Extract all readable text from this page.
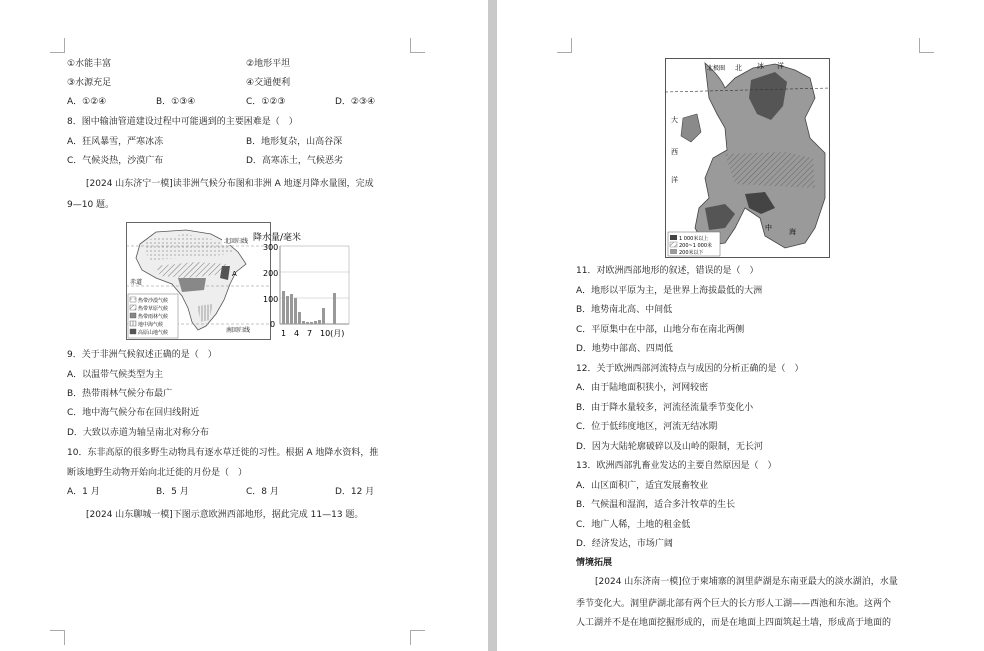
①水能丰富	②地形平坦
③水源充足	④交通便利
A．①②④	B．①③④	C．①②③	D．②③④
8．图中输油管道建设过程中可能遇到的主要困难是（　）
A．狂风暴雪，严寒冰冻	B．地形复杂，山高谷深
C．气候炎热，沙漠广布	D．高寒冻土，气候恶劣
[2024 山东济宁一模]读非洲气候分布图和非洲 A 地逐月降水量图，完成
9—10 题。
北回归线
赤道
南回归线
A
热带沙漠气候
热带草原气候
热带雨林气候
地中海气候
高原山地气候
降水量/毫米
300
200
100
0
1 4 7 10(月)
9．关于非洲气候叙述正确的是（　）
A．以温带气候类型为主
B．热带雨林气候分布最广
C．地中海气候分布在回归线附近
D．大致以赤道为轴呈南北对称分布
10．东非高原的很多野生动物具有逐水草迁徙的习性。根据 A 地降水资料，推
断该地野生动物开始向北迁徙的月份是（　）
A．1 月	B．5 月	C．8 月	D．12 月
[2024 山东聊城一模]下图示意欧洲西部地形，据此完成 11—13 题。
北极圈 北 冰 洋
大
西
洋
中 海
1 000米以上
200~1 000米
200米以下
11．对欧洲西部地形的叙述，错误的是（　）
A．地形以平原为主，是世界上海拔最低的大洲
B．地势南北高、中间低
C．平原集中在中部，山地分布在南北两侧
D．地势中部高、四周低
12．关于欧洲西部河流特点与成因的分析正确的是（　）
A．由于陆地面积狭小，河网较密
B．由于降水量较多，河流径流量季节变化小
C．位于低纬度地区，河流无结冰期
D．因为大陆轮廓破碎以及山岭的限制，无长河
13．欧洲西部乳畜业发达的主要自然原因是（　）
A．山区面积广，适宜发展畜牧业
B．气候温和湿润，适合多汁牧草的生长
C．地广人稀，土地的租金低
D．经济发达，市场广阔
情境拓展
[2024 山东济南一模]位于柬埔寨的洞里萨湖是东南亚最大的淡水湖泊，水量
季节变化大。洞里萨湖北部有两个巨大的长方形人工湖——西池和东池。这两个
人工湖并不是在地面挖掘形成的，而是在地面上四面筑起土墙，形成高于地面的
